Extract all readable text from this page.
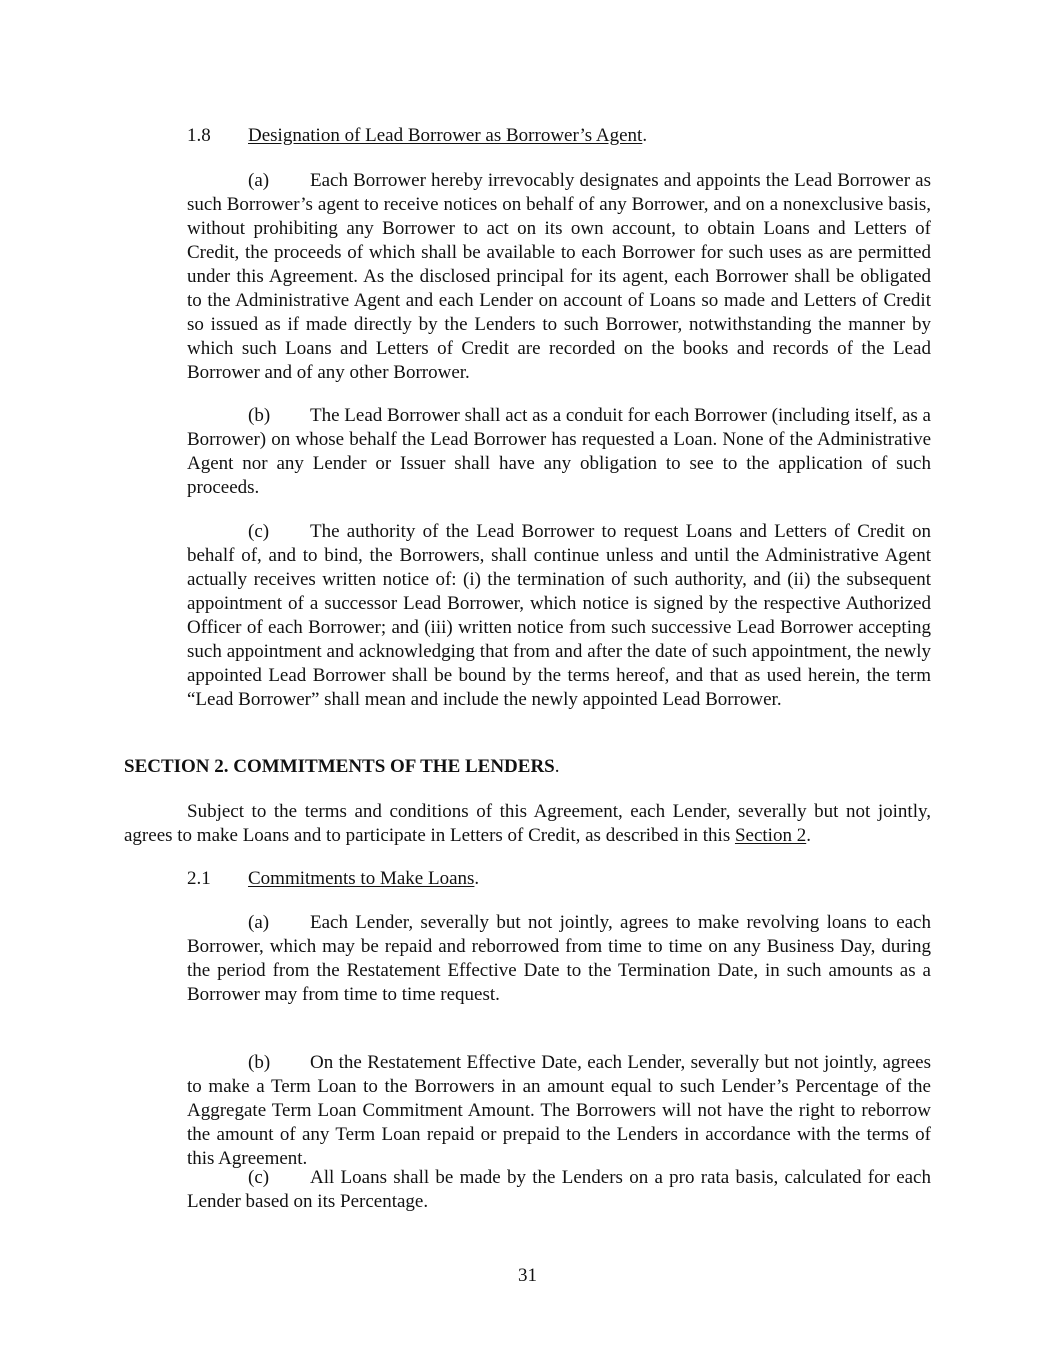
1.8 Designation of Lead Borrower as Borrower’s Agent.

(a) Each Borrower hereby irrevocably designates and appoints the Lead Borrower as such Borrower’s agent to receive notices on behalf of any Borrower, and on a nonexclusive basis, without prohibiting any Borrower to act on its own account, to obtain Loans and Letters of Credit, the proceeds of which shall be available to each Borrower for such uses as are permitted under this Agreement. As the disclosed principal for its agent, each Borrower shall be obligated to the Administrative Agent and each Lender on account of Loans so made and Letters of Credit so issued as if made directly by the Lenders to such Borrower, notwithstanding the manner by which such Loans and Letters of Credit are recorded on the books and records of the Lead Borrower and of any other Borrower.

(b) The Lead Borrower shall act as a conduit for each Borrower (including itself, as a Borrower) on whose behalf the Lead Borrower has requested a Loan. None of the Administrative Agent nor any Lender or Issuer shall have any obligation to see to the application of such proceeds.

(c) The authority of the Lead Borrower to request Loans and Letters of Credit on behalf of, and to bind, the Borrowers, shall continue unless and until the Administrative Agent actually receives written notice of: (i) the termination of such authority, and (ii) the subsequent appointment of a successor Lead Borrower, which notice is signed by the respective Authorized Officer of each Borrower; and (iii) written notice from such successive Lead Borrower accepting such appointment and acknowledging that from and after the date of such appointment, the newly appointed Lead Borrower shall be bound by the terms hereof, and that as used herein, the term “Lead Borrower” shall mean and include the newly appointed Lead Borrower.

SECTION 2. COMMITMENTS OF THE LENDERS.

Subject to the terms and conditions of this Agreement, each Lender, severally but not jointly, agrees to make Loans and to participate in Letters of Credit, as described in this Section 2.

2.1 Commitments to Make Loans.

(a) Each Lender, severally but not jointly, agrees to make revolving loans to each Borrower, which may be repaid and reborrowed from time to time on any Business Day, during the period from the Restatement Effective Date to the Termination Date, in such amounts as a Borrower may from time to time request.

(b) On the Restatement Effective Date, each Lender, severally but not jointly, agrees to make a Term Loan to the Borrowers in an amount equal to such Lender’s Percentage of the Aggregate Term Loan Commitment Amount. The Borrowers will not have the right to reborrow the amount of any Term Loan repaid or prepaid to the Lenders in accordance with the terms of this Agreement.

(c) All Loans shall be made by the Lenders on a pro rata basis, calculated for each Lender based on its Percentage.

31
